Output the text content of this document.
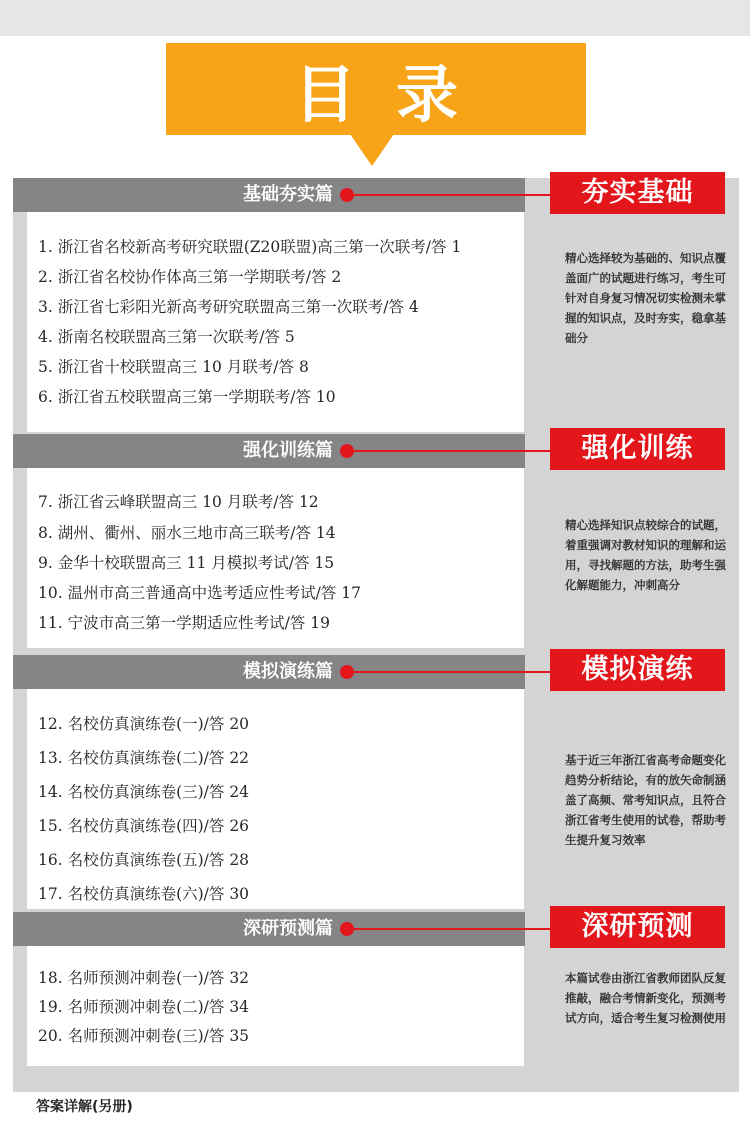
目录
基础夯实篇	夯实基础
1. 浙江省名校新高考研究联盟(Z20联盟)高三第一次联考/答 1
2. 浙江省名校协作体高三第一学期联考/答 2
3. 浙江省七彩阳光新高考研究联盟高三第一次联考/答 4
4. 浙南名校联盟高三第一次联考/答 5
5. 浙江省十校联盟高三 10 月联考/答 8
6. 浙江省五校联盟高三第一学期联考/答 10
精心选择较为基础的、知识点覆盖面广的试题进行练习，考生可针对自身复习情况切实检测未掌握的知识点，及时夯实，稳拿基础分
强化训练篇	强化训练
7. 浙江省云峰联盟高三 10 月联考/答 12
8. 湖州、衢州、丽水三地市高三联考/答 14
9. 金华十校联盟高三 11 月模拟考试/答 15
10. 温州市高三普通高中选考适应性考试/答 17
11. 宁波市高三第一学期适应性考试/答 19
精心选择知识点较综合的试题，着重强调对教材知识的理解和运用，寻找解题的方法，助考生强化解题能力，冲刺高分
模拟演练篇	模拟演练
12. 名校仿真演练卷(一)/答 20
13. 名校仿真演练卷(二)/答 22
14. 名校仿真演练卷(三)/答 24
15. 名校仿真演练卷(四)/答 26
16. 名校仿真演练卷(五)/答 28
17. 名校仿真演练卷(六)/答 30
基于近三年浙江省高考命题变化趋势分析结论，有的放矢命制涵盖了高频、常考知识点，且符合浙江省考生使用的试卷，帮助考生提升复习效率
深研预测篇	深研预测
18. 名师预测冲刺卷(一)/答 32
19. 名师预测冲刺卷(二)/答 34
20. 名师预测冲刺卷(三)/答 35
本篇试卷由浙江省教师团队反复推敲，融合考情新变化，预测考试方向，适合考生复习检测使用
答案详解(另册)
